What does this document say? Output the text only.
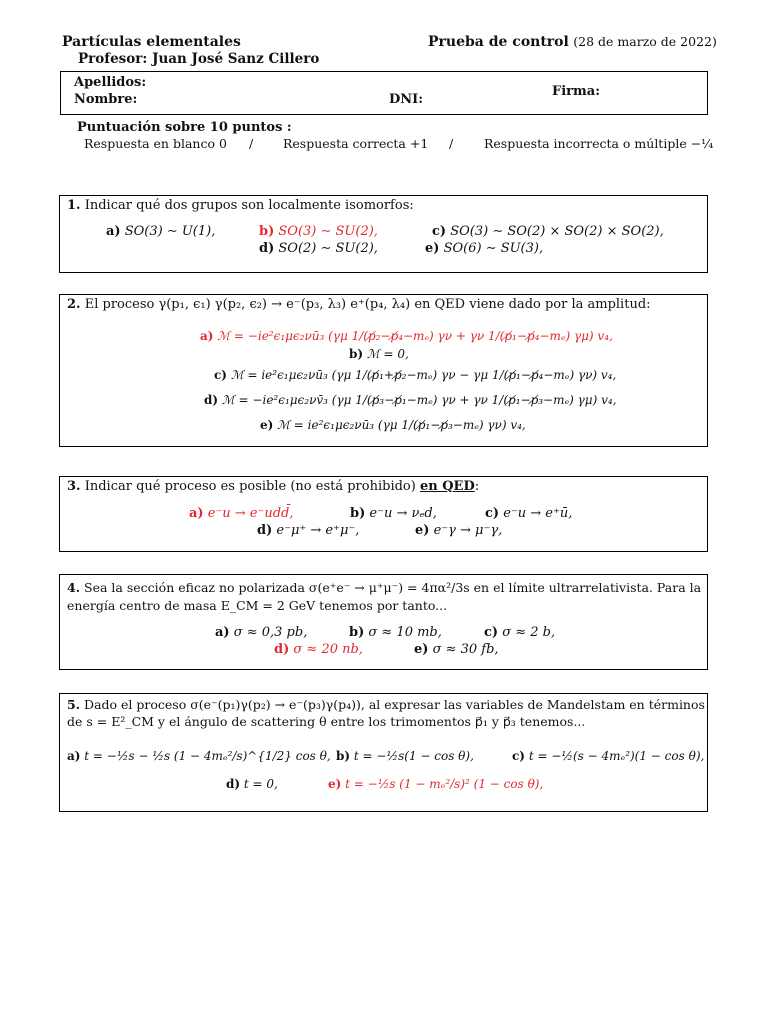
Partículas elementales	Prueba de control (28 de marzo de 2022)
Profesor: Juan José Sanz Cillero
Apellidos:
Nombre:	DNI:
Firma:
Puntuación sobre 10 puntos :
Respuesta en blanco 0 / Respuesta correcta +1 / Respuesta incorrecta o múltiple −¼
1. Indicar qué dos grupos son localmente isomorfos:
a) SO(3) ∼ U(1),	b) SO(3) ∼ SU(2),	c) SO(3) ∼ SO(2) × SO(2) × SO(2),
d) SO(2) ∼ SU(2),	e) SO(6) ∼ SU(3),
2. El proceso γ(p₁, ϵ₁) γ(p₂, ϵ₂) → e⁻(p₃, λ₃) e⁺(p₄, λ₄) en QED viene dado por la amplitud:
a) ℳ = −ie²ϵ₁μϵ₂νū₃ (γμ 1/(p̸₂−p̸₄−mₑ) γν + γν 1/(p̸₁−p̸₄−mₑ) γμ) v₄,
b) ℳ = 0,
c) ℳ = ie²ϵ₁μϵ₂νū₃ (γμ 1/(p̸₁+p̸₂−mₑ) γν − γμ 1/(p̸₁−p̸₄−mₑ) γν) v₄,
d) ℳ = −ie²ϵ₁μϵ₂νv̄₃ (γμ 1/(p̸₃−p̸₁−mₑ) γν + γν 1/(p̸₁−p̸₃−mₑ) γμ) v₄,
e) ℳ = ie²ϵ₁μϵ₂νū₃ (γμ 1/(p̸₁−p̸₃−mₑ) γν) v₄,
3. Indicar qué proceso es posible (no está prohibido) en QED:
a) e⁻u → e⁻udd̄,	b) e⁻u → νₑd,	c) e⁻u → e⁺ū,
d) e⁻μ⁺ → e⁺μ⁻,	e) e⁻γ → μ⁻γ,
4. Sea la sección eficaz no polarizada σ(e⁺e⁻ → μ⁺μ⁻) = 4πα²/3s en el límite ultrarrelativista. Para la
energía centro de masa E_CM = 2 GeV tenemos por tanto...
a) σ ≈ 0,3 pb,	b) σ ≈ 10 mb,	c) σ ≈ 2 b,
d) σ ≈ 20 nb,	e) σ ≈ 30 fb,
5. Dado el proceso σ(e⁻(p₁)γ(p₂) → e⁻(p₃)γ(p₄)), al expresar las variables de Mandelstam en términos
de s = E²_CM y el ángulo de scattering θ entre los trimomentos p⃗₁ y p⃗₃ tenemos...
a) t = −½s − ½s (1 − 4mₑ²/s)^{1/2} cos θ, b) t = −½s(1 − cos θ),	c) t = −½(s − 4mₑ²)(1 − cos θ),
d) t = 0,	e) t = −½s (1 − mₑ²/s)² (1 − cos θ),
